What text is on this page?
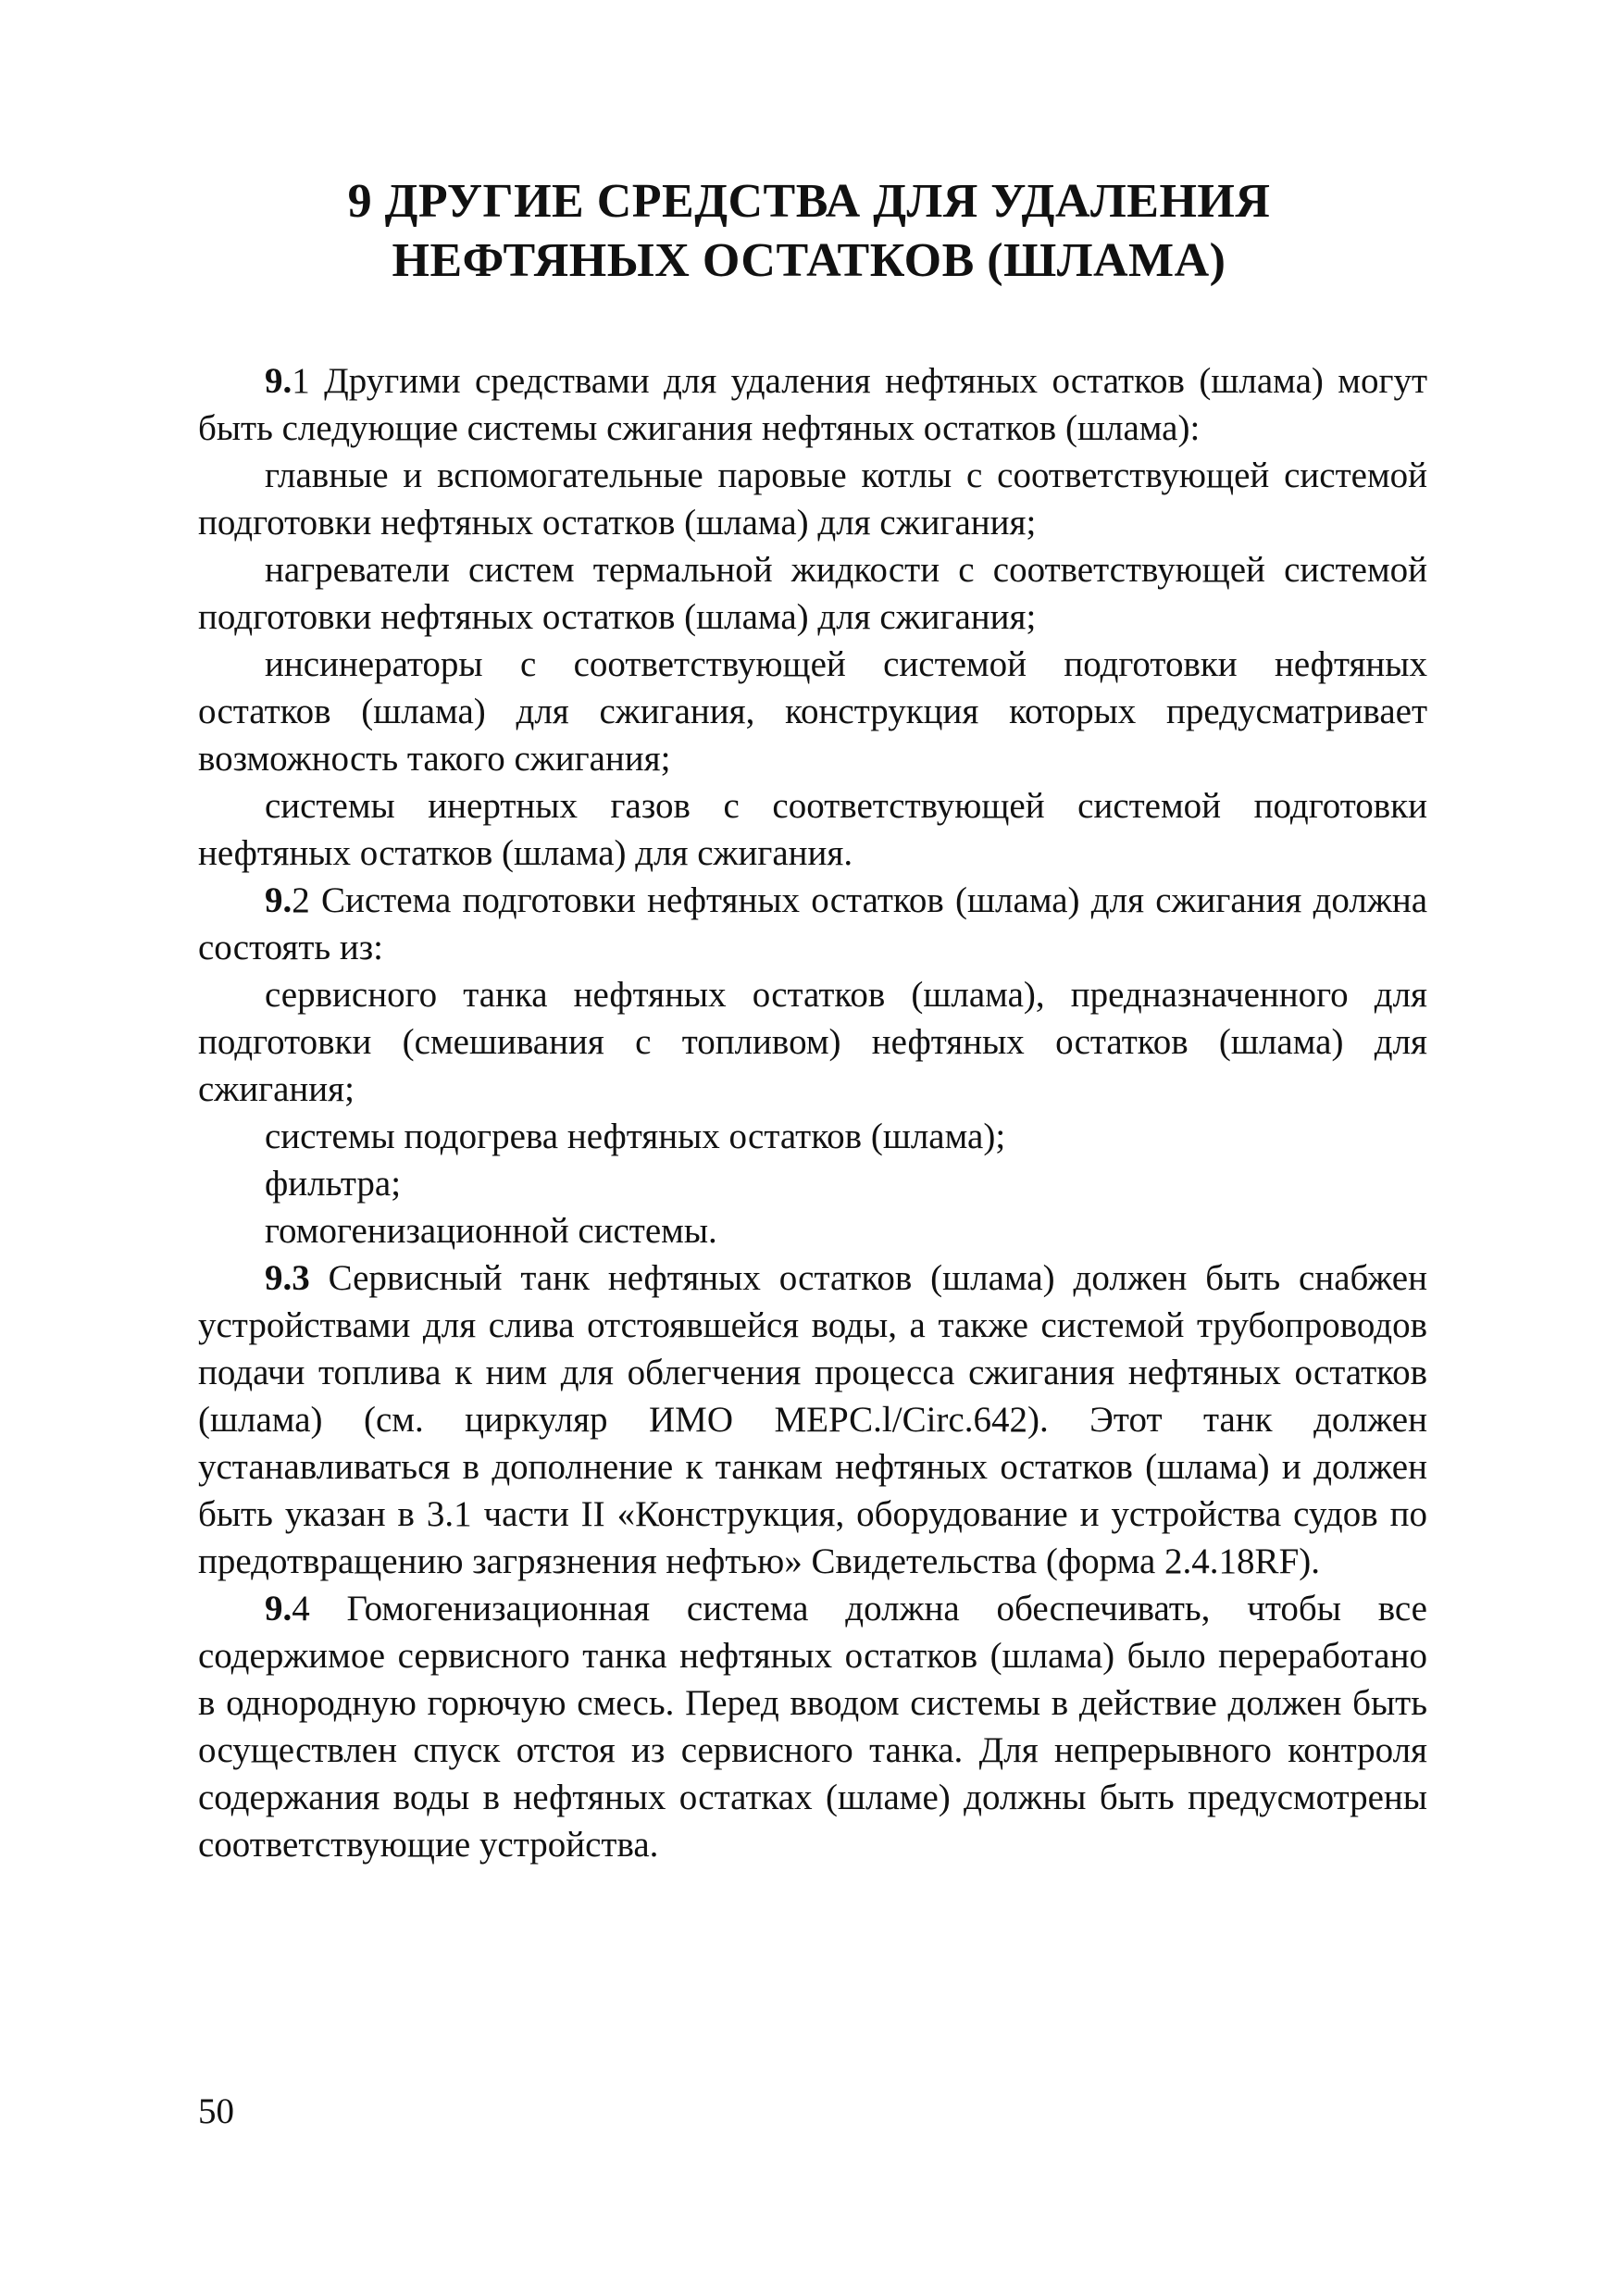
9 ДРУГИЕ СРЕДСТВА ДЛЯ УДАЛЕНИЯ
НЕФТЯНЫХ ОСТАТКОВ (ШЛАМА)

9.1 Другими средствами для удаления нефтяных остатков (шлама) могут быть следующие системы сжигания нефтяных остатков (шлама):

главные и вспомогательные паровые котлы с соответствующей системой подготовки нефтяных остатков (шлама) для сжигания;

нагреватели систем термальной жидкости с соответствующей системой подготовки нефтяных остатков (шлама) для сжигания;

инсинераторы с соответствующей системой подготовки нефтяных остатков (шлама) для сжигания, конструкция которых предусматривает возможность такого сжигания;

системы инертных газов с соответствующей системой подготовки нефтяных остатков (шлама) для сжигания.

9.2 Система подготовки нефтяных остатков (шлама) для сжигания должна состоять из:

сервисного танка нефтяных остатков (шлама), предназначенного для подготовки (смешивания с топливом) нефтяных остатков (шлама) для сжигания;

системы подогрева нефтяных остатков (шлама);

фильтра;

гомогенизационной системы.

9.3 Сервисный танк нефтяных остатков (шлама) должен быть снабжен устройствами для слива отстоявшейся воды, а также системой трубопроводов подачи топлива к ним для облегчения процесса сжигания нефтяных остатков (шлама) (см. циркуляр ИМО МЕРС.l/Circ.642). Этот танк должен устанавливаться в дополнение к танкам нефтяных остатков (шлама) и должен быть указан в 3.1 части II «Конструкция, оборудование и устройства судов по предотвращению загрязнения нефтью» Свидетельства (форма 2.4.18RF).

9.4 Гомогенизационная система должна обеспечивать, чтобы все содержимое сервисного танка нефтяных остатков (шлама) было переработано в однородную горючую смесь. Перед вводом системы в действие должен быть осуществлен спуск отстоя из сервисного танка. Для непрерывного контроля содержания воды в нефтяных остатках (шламе) должны быть предусмотрены соответствующие устройства.

50
